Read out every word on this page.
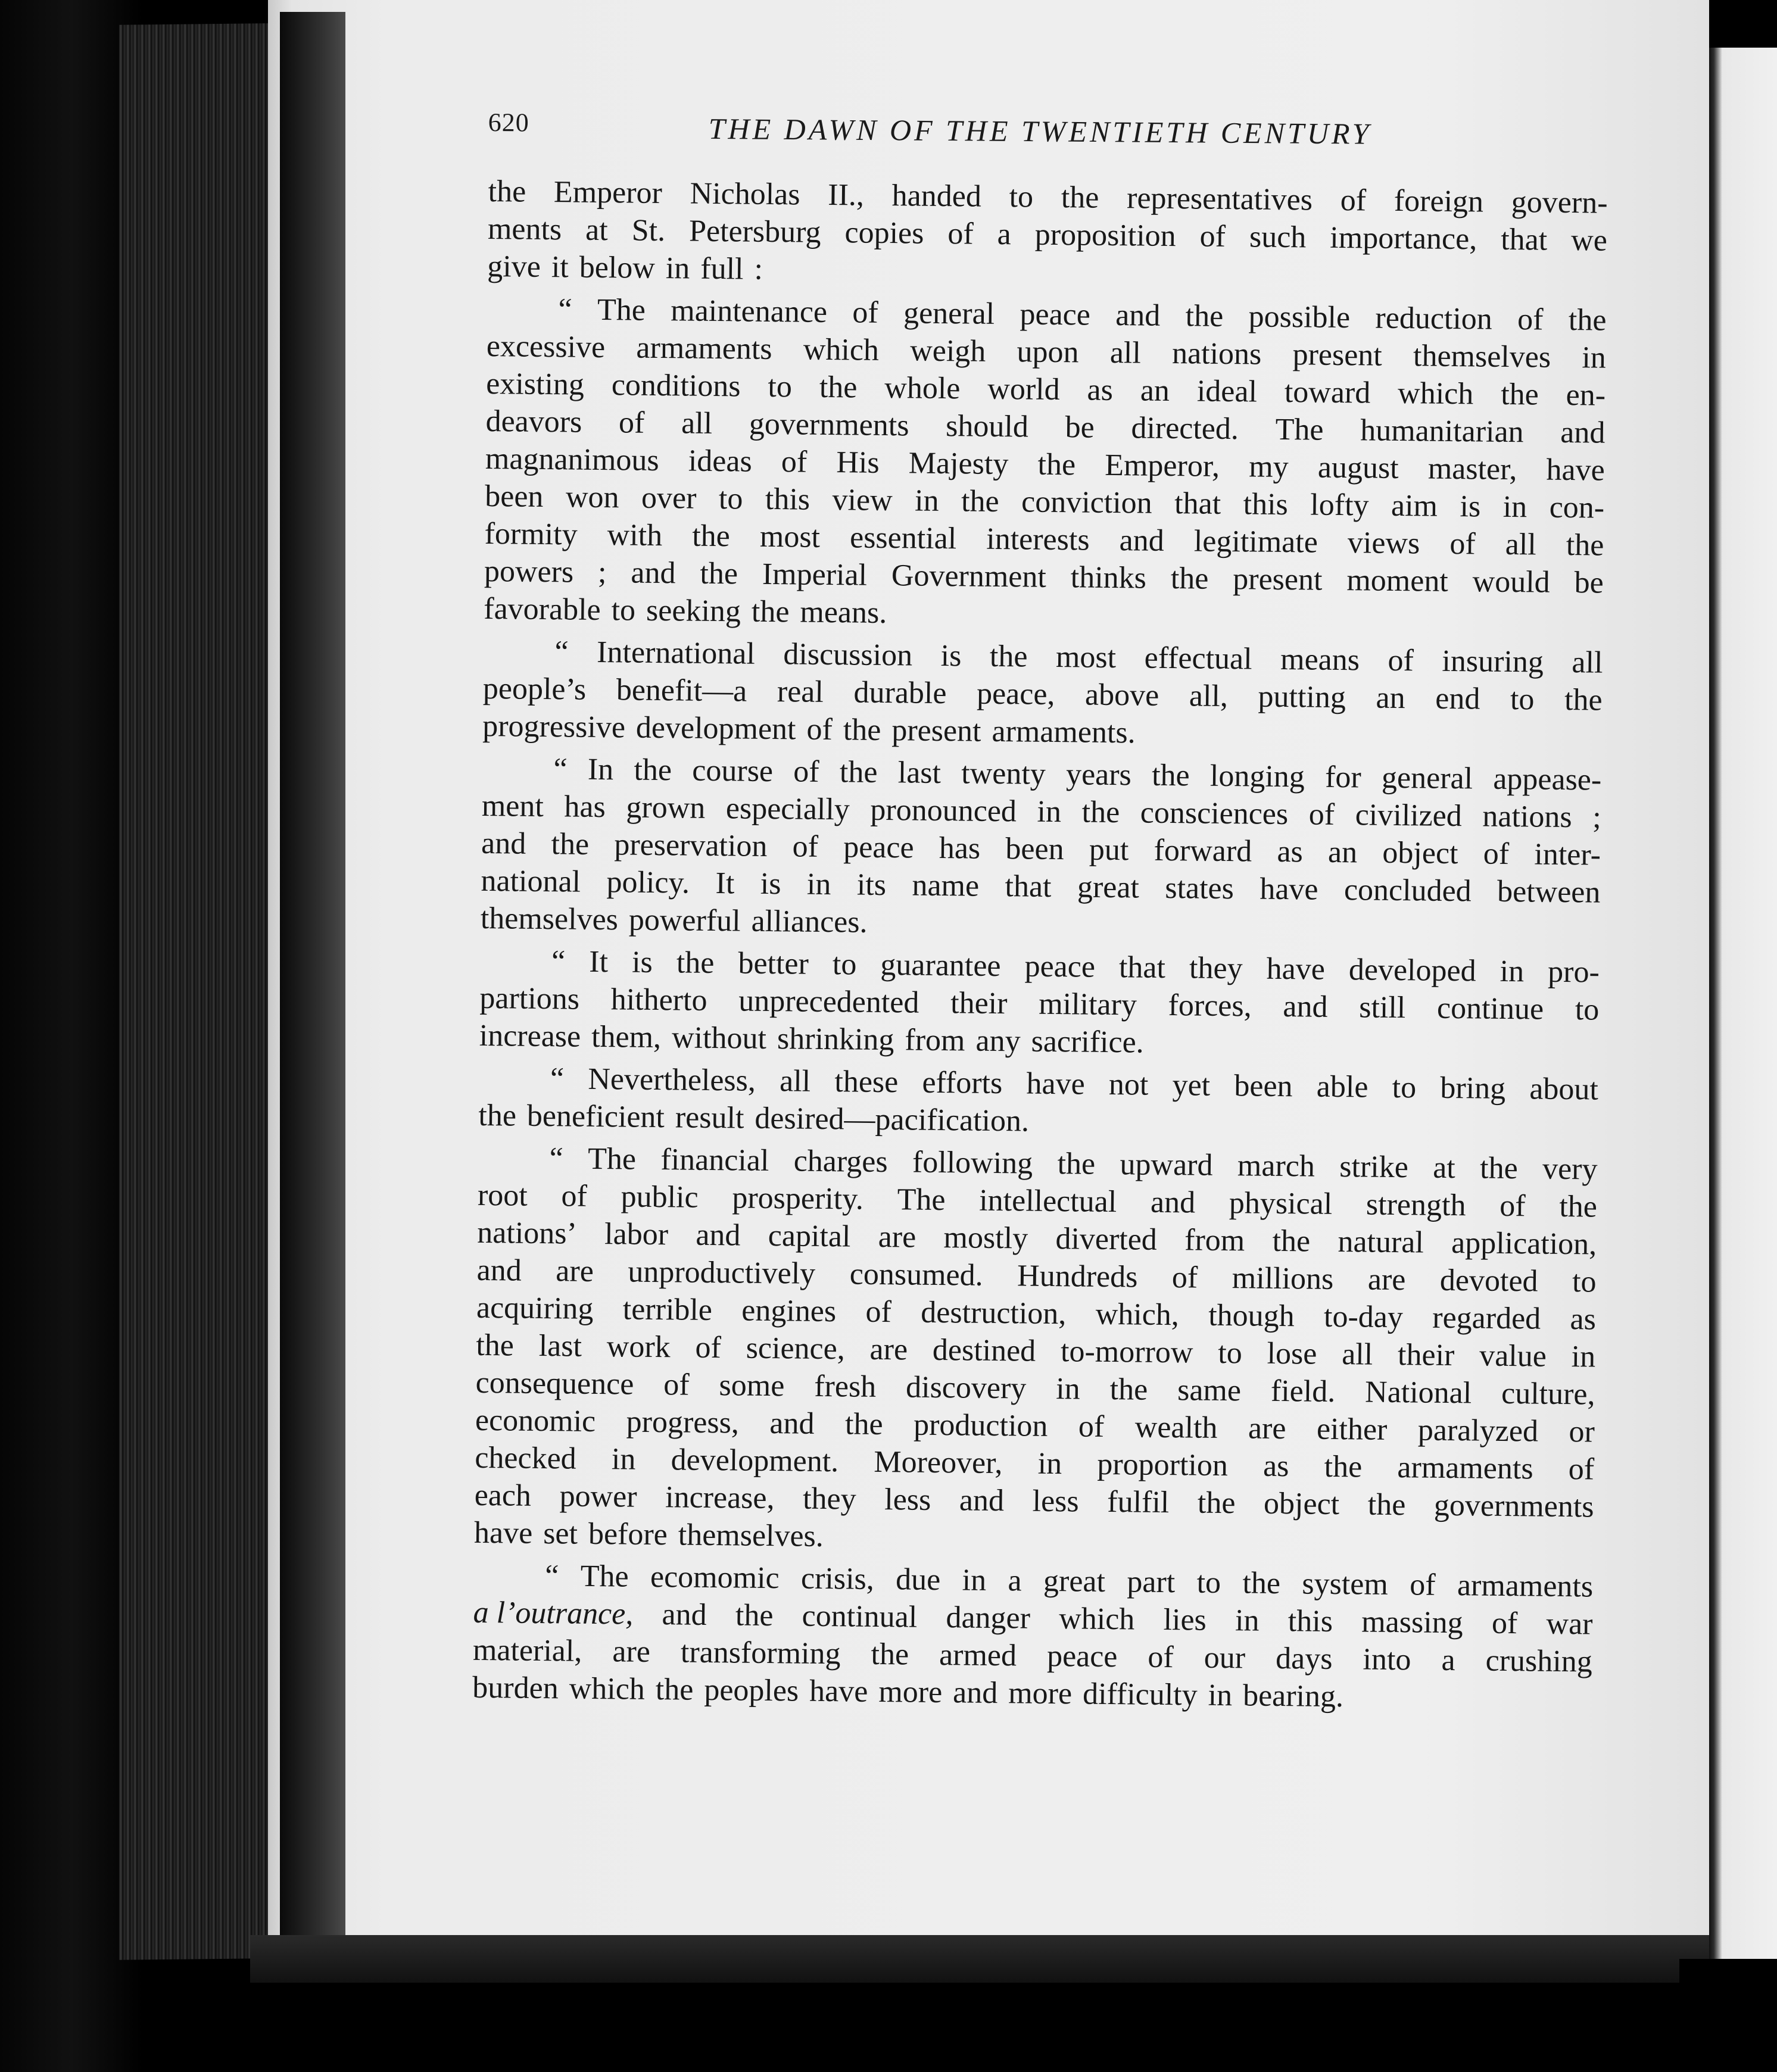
620	THE DAWN OF THE TWENTIETH CENTURY
the Emperor Nicholas II., handed to the representatives of foreign govern-
ments at St. Petersburg copies of a proposition of such importance, that we
give it below in full :
“ The maintenance of general peace and the possible reduction of the
excessive armaments which weigh upon all nations present themselves in
existing conditions to the whole world as an ideal toward which the en-
deavors of all governments should be directed. The humanitarian and
magnanimous ideas of His Majesty the Emperor, my august master, have
been won over to this view in the conviction that this lofty aim is in con-
formity with the most essential interests and legitimate views of all the
powers ; and the Imperial Government thinks the present moment would be
favorable to seeking the means.
“ International discussion is the most effectual means of insuring all
people’s benefit—a real durable peace, above all, putting an end to the
progressive development of the present armaments.
“ In the course of the last twenty years the longing for general appease-
ment has grown especially pronounced in the consciences of civilized nations ;
and the preservation of peace has been put forward as an object of inter-
national policy. It is in its name that great states have concluded between
themselves powerful alliances.
“ It is the better to guarantee peace that they have developed in pro-
partions hitherto unprecedented their military forces, and still continue to
increase them, without shrinking from any sacrifice.
“ Nevertheless, all these efforts have not yet been able to bring about
the beneficient result desired—pacification.
“ The financial charges following the upward march strike at the very
root of public prosperity. The intellectual and physical strength of the
nations’ labor and capital are mostly diverted from the natural application,
and are unproductively consumed. Hundreds of millions are devoted to
acquiring terrible engines of destruction, which, though to-day regarded as
the last work of science, are destined to-morrow to lose all their value in
consequence of some fresh discovery in the same field. National culture,
economic progress, and the production of wealth are either paralyzed or
checked in development. Moreover, in proportion as the armaments of
each power increase, they less and less fulfil the object the governments
have set before themselves.
“ The ecomomic crisis, due in a great part to the system of armaments
a l’outrance, and the continual danger which lies in this massing of war
material, are transforming the armed peace of our days into a crushing
burden which the peoples have more and more difficulty in bearing.
